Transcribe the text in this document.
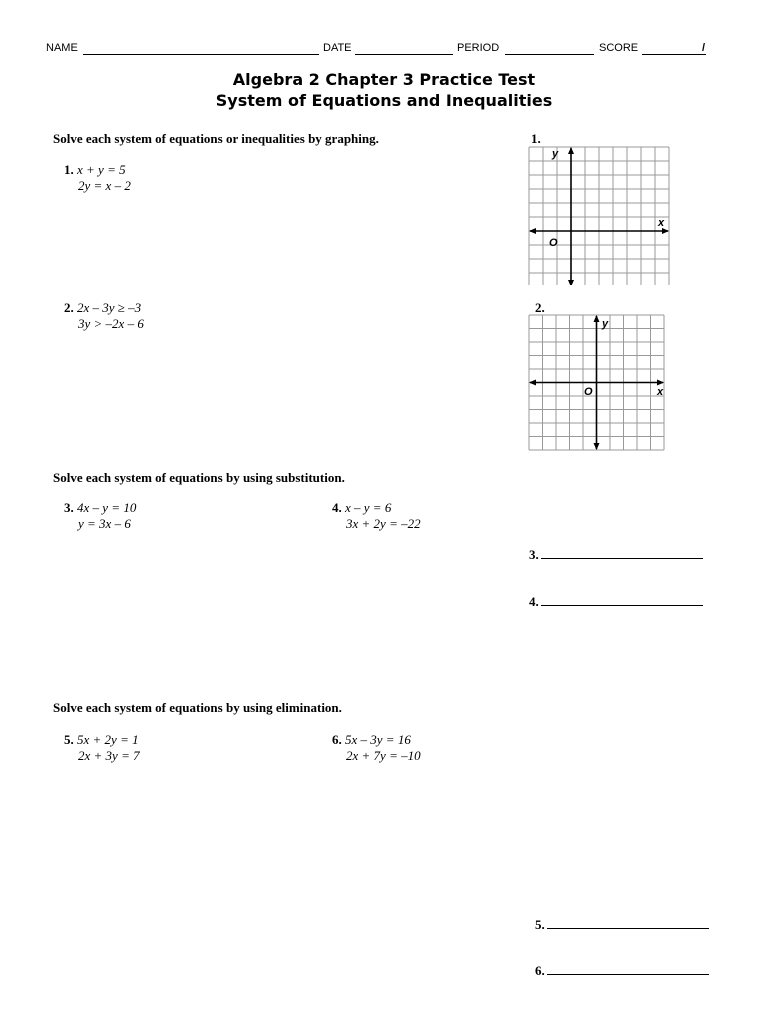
NAME	DATE	PERIOD	SCORE	/
Algebra 2 Chapter 3 Practice Test
System of Equations and Inequalities
Solve each system of equations or inequalities by graphing.
1. x + y = 5
2y = x – 2
2. 2x – 3y ≥ –3
3y > –2x – 6
1.
y
x
O
2.
y
x
O
Solve each system of equations by using substitution.
3. 4x – y = 10
y = 3x – 6
4. x – y = 6
3x + 2y = –22
3.
4.
Solve each system of equations by using elimination.
5. 5x + 2y = 1
2x + 3y = 7
6. 5x – 3y = 16
2x + 7y = –10
5.
6.
